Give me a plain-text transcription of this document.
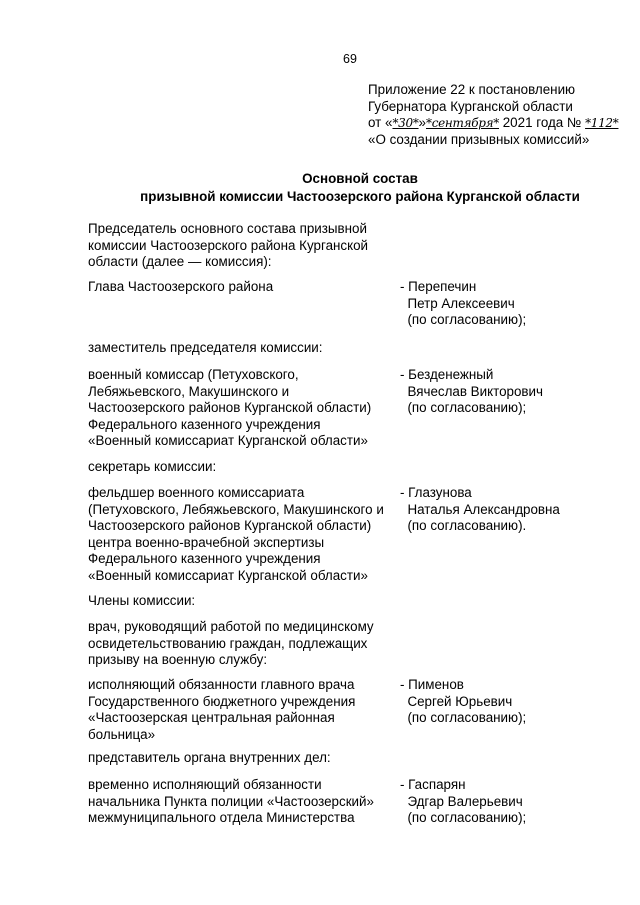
69
Приложение 22 к постановлению
Губернатора Курганской области
от «*30*»*сентября* 2021 года № *112*
«О создании призывных комиссий»
Основной состав
призывной комиссии Частоозерского района Курганской области
Председатель основного состава призывной
комиссии Частоозерского района Курганской
области (далее — комиссия):
Глава Частоозерского района	- Перепечин
Петр Алексеевич
(по согласованию);
заместитель председателя комиссии:
военный комиссар (Петуховского,
Лебяжьевского, Макушинского и
Частоозерского районов Курганской области)
Федерального казенного учреждения
«Военный комиссариат Курганской области»
- Безденежный
Вячеслав Викторович
(по согласованию);
секретарь комиссии:
фельдшер военного комиссариата
(Петуховского, Лебяжьевского, Макушинского и
Частоозерского районов Курганской области)
центра военно-врачебной экспертизы
Федерального казенного учреждения
«Военный комиссариат Курганской области»
- Глазунова
Наталья Александровна
(по согласованию).
Члены комиссии:
врач, руководящий работой по медицинскому
освидетельствованию граждан, подлежащих
призыву на военную службу:
исполняющий обязанности главного врача
Государственного бюджетного учреждения
«Частоозерская центральная районная
больница»
- Пименов
Сергей Юрьевич
(по согласованию);
представитель органа внутренних дел:
временно исполняющий обязанности
начальника Пункта полиции «Частоозерский»
межмуниципального отдела Министерства
- Гаспарян
Эдгар Валерьевич
(по согласованию);
